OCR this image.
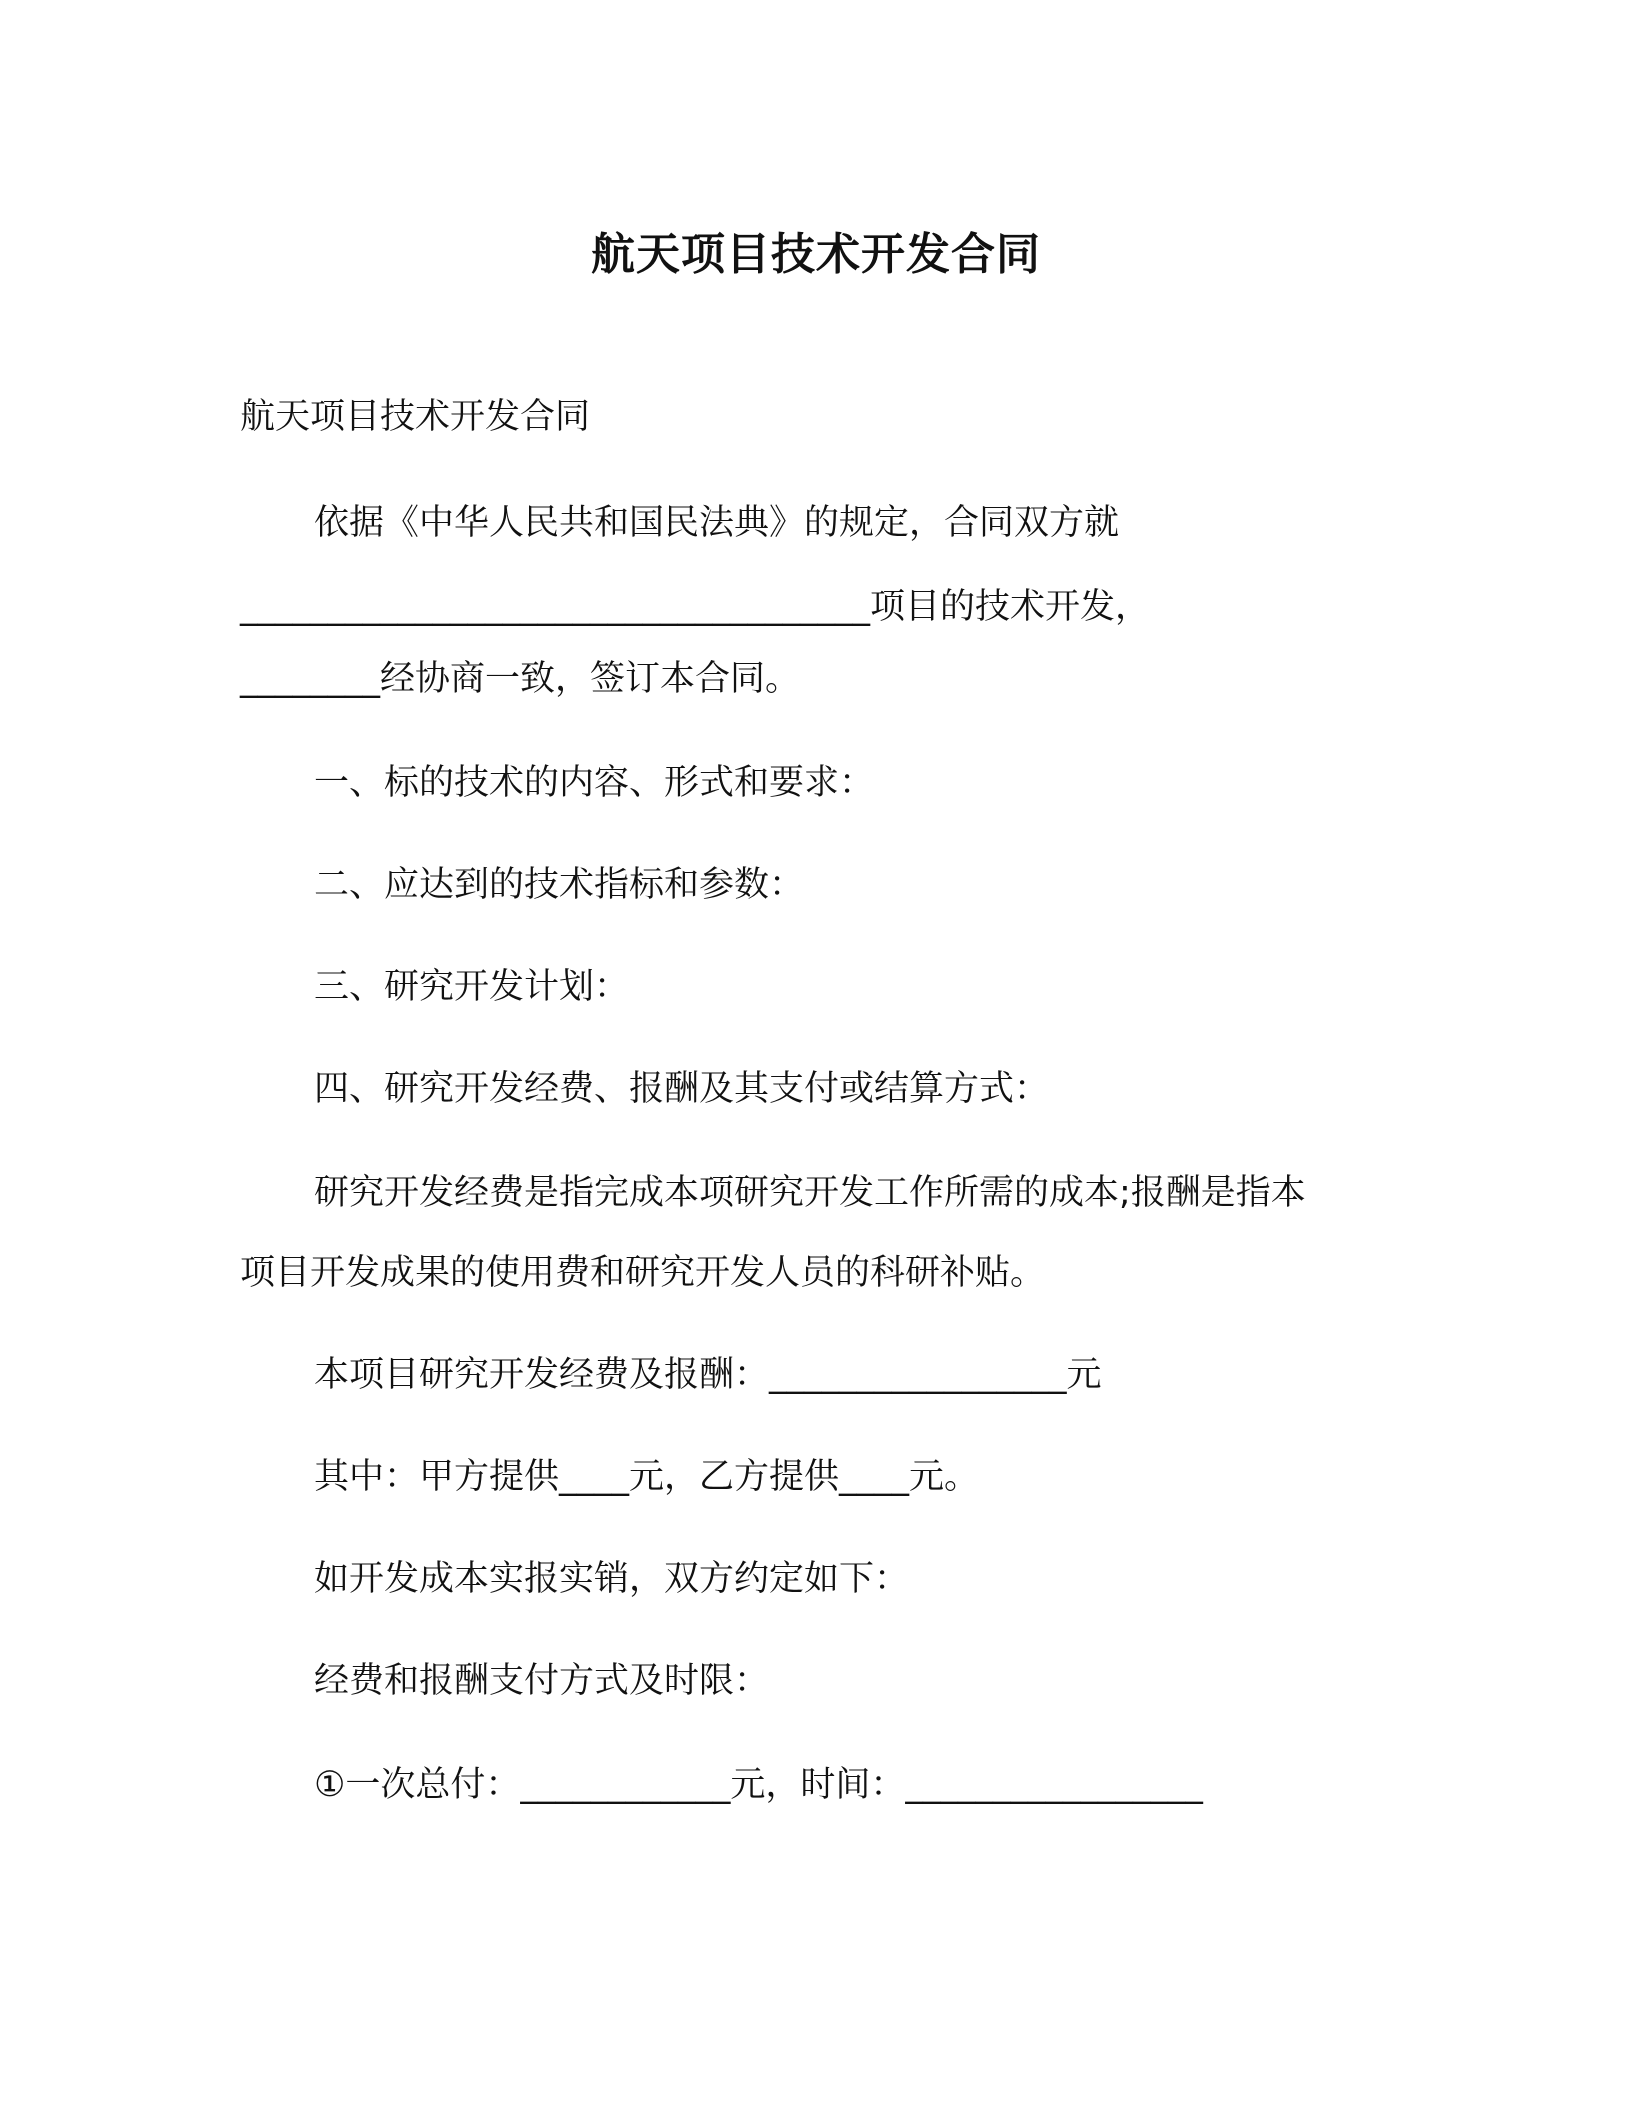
航天项目技术开发合同
航天项目技术开发合同
依据《中华人民共和国民法典》的规定，合同双方就
____________________________________项目的技术开发，
________经协商一致，签订本合同。
一、标的技术的内容、形式和要求：
二、应达到的技术指标和参数：
三、研究开发计划：
四、研究开发经费、报酬及其支付或结算方式：
研究开发经费是指完成本项研究开发工作所需的成本;报酬是指本
项目开发成果的使用费和研究开发人员的科研补贴。
本项目研究开发经费及报酬：_________________元
其中：甲方提供____元，乙方提供____元。
如开发成本实报实销，双方约定如下：
经费和报酬支付方式及时限：
①一次总付：____________元，时间：_________________
